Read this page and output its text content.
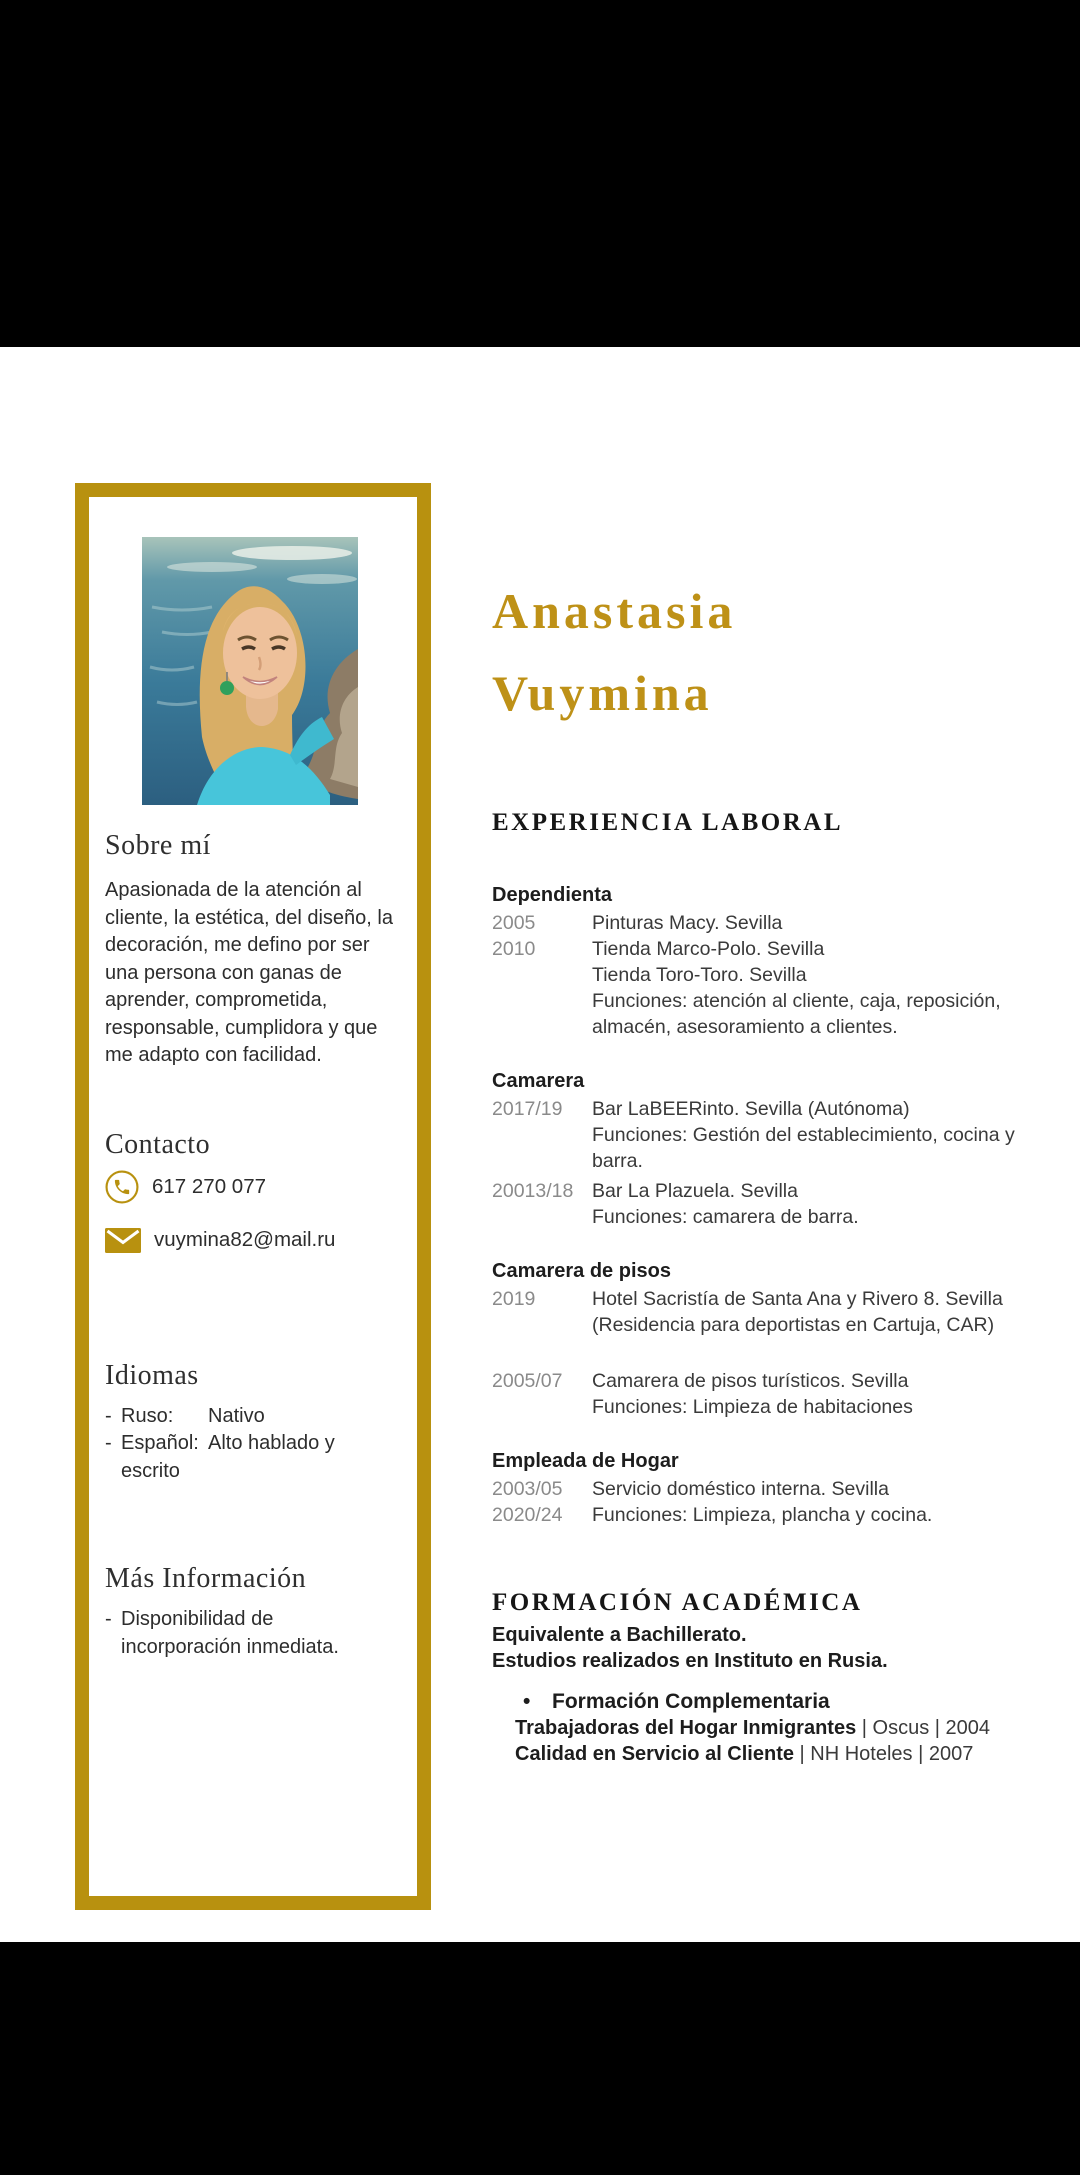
Sobre mí

Apasionada de la atención al cliente, la estética, del diseño, la decoración, me defino por ser una persona con ganas de aprender, comprometida, responsable, cumplidora y que me adapto con facilidad.

Contacto
617 270 077
vuymina82@mail.ru
Idiomas
- Ruso:	Nativo
- Español: Alto hablado y
escrito
Más Información
- Disponibilidad de incorporación inmediata.
Anastasia
Vuymina
EXPERIENCIA LABORAL
Dependienta
2005	Pinturas Macy. Sevilla
2010	Tienda Marco-Polo. Sevilla
Tienda Toro-Toro. Sevilla
Funciones: atención al cliente, caja, reposición, almacén, asesoramiento a clientes.
Camarera
2017/19	Bar LaBEERinto. Sevilla (Autónoma)
Funciones: Gestión del establecimiento, cocina y barra.
20013/18 Bar La Plazuela. Sevilla
Funciones: camarera de barra.
Camarera de pisos
2019	Hotel Sacristía de Santa Ana y Rivero 8. Sevilla
(Residencia para deportistas en Cartuja, CAR)
2005/07	Camarera de pisos turísticos. Sevilla
Funciones: Limpieza de habitaciones
Empleada de Hogar
2003/05	Servicio doméstico interna. Sevilla
2020/24	Funciones: Limpieza, plancha y cocina.
FORMACIÓN ACADÉMICA
Equivalente a Bachillerato.
Estudios realizados en Instituto en Rusia.
•	Formación Complementaria
Trabajadoras del Hogar Inmigrantes | Oscus | 2004
Calidad en Servicio al Cliente | NH Hoteles | 2007
